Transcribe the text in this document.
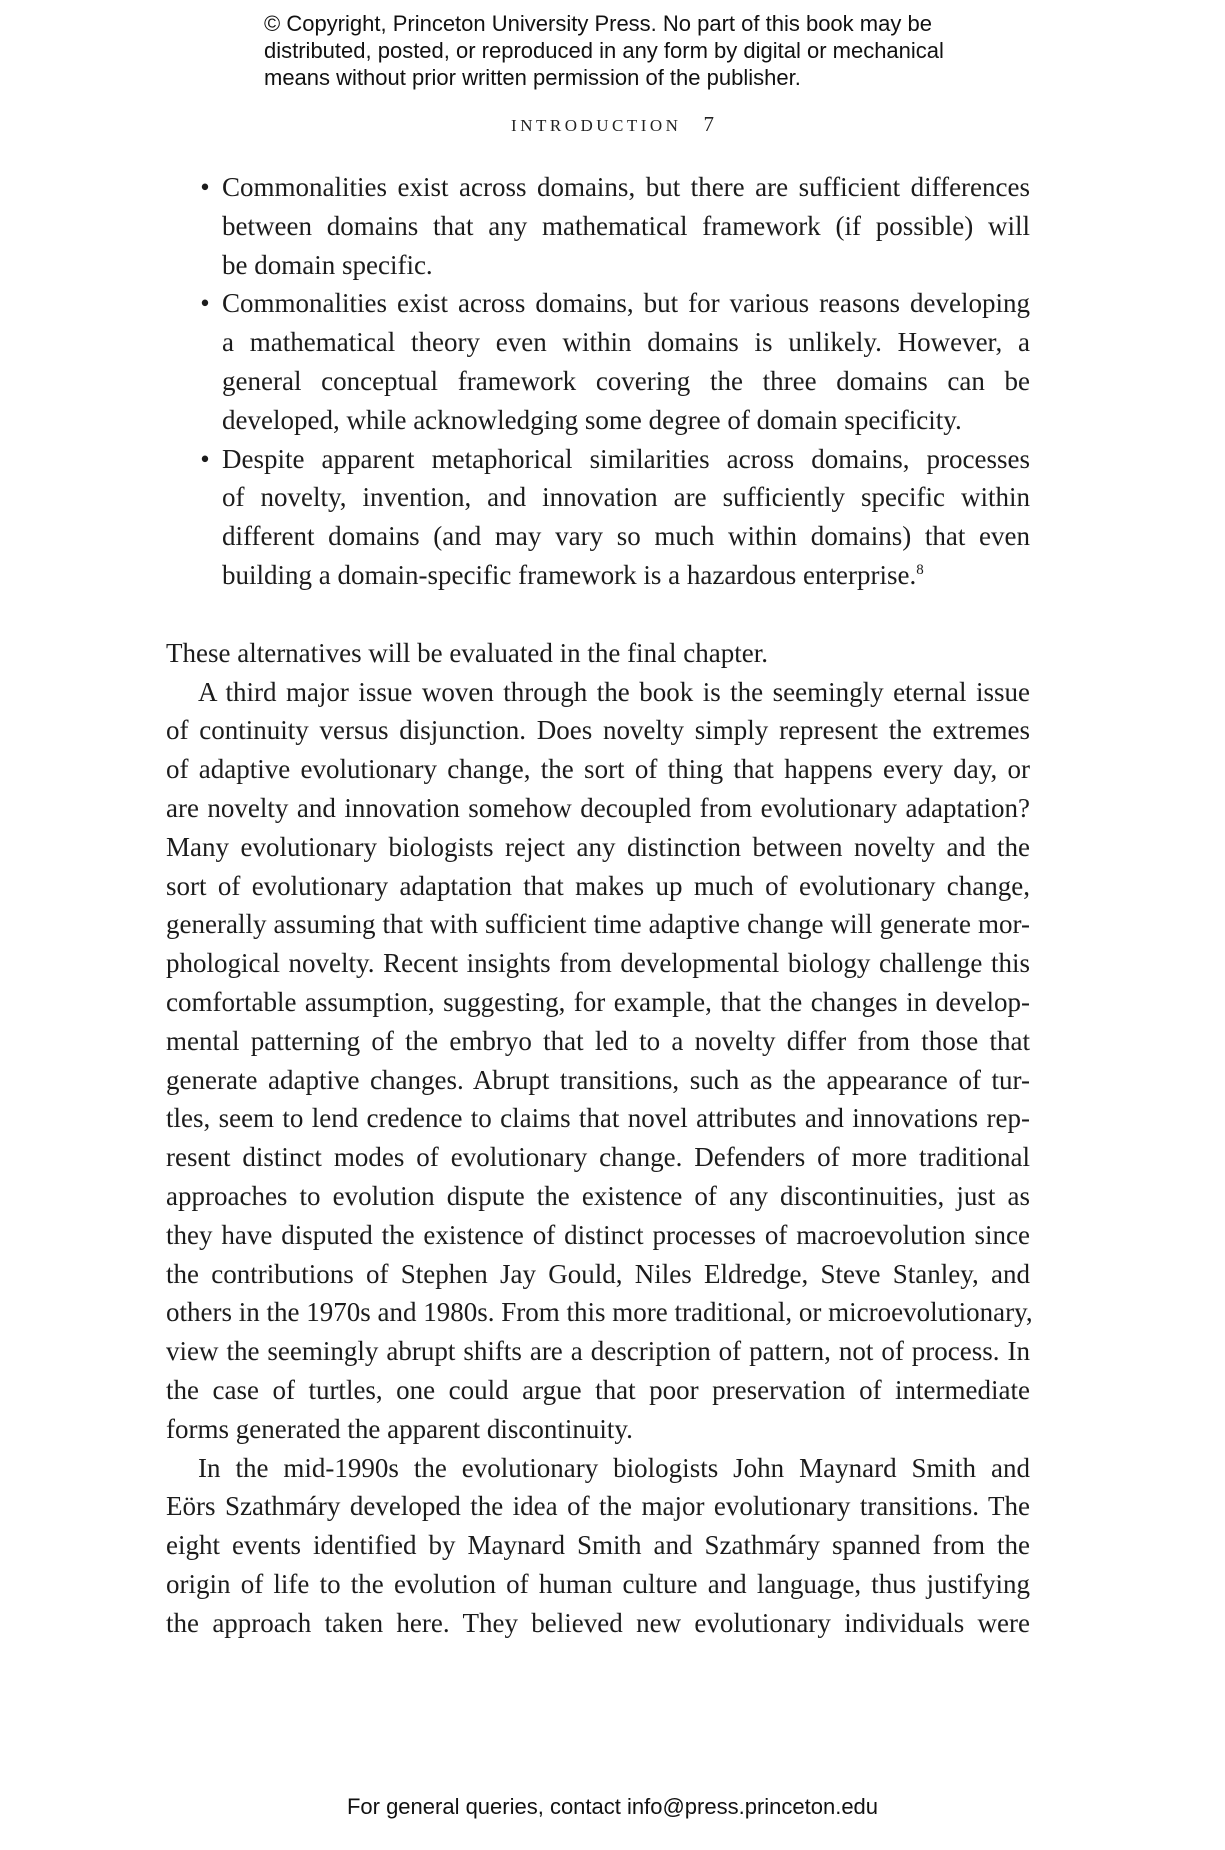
© Copyright, Princeton University Press. No part of this book may be
distributed, posted, or reproduced in any form by digital or mechanical
means without prior written permission of the publisher.
INTRODUCTION 7
• Commonalities exist across domains, but there are sufficient differences
between domains that any mathematical framework (if possible) will
be domain specific.
• Commonalities exist across domains, but for various reasons developing
a mathematical theory even within domains is unlikely. However, a
general conceptual framework covering the three domains can be
developed, while acknowledging some degree of domain specificity.
• Despite apparent metaphorical similarities across domains, processes
of novelty, invention, and innovation are sufficiently specific within
different domains (and may vary so much within domains) that even
building a domain-specific framework is a hazardous enterprise.$^8$
These alternatives will be evaluated in the final chapter.
A third major issue woven through the book is the seemingly eternal issue
of continuity versus disjunction. Does novelty simply represent the extremes
of adaptive evolutionary change, the sort of thing that happens every day, or
are novelty and innovation somehow decoupled from evolutionary adaptation?
Many evolutionary biologists reject any distinction between novelty and the
sort of evolutionary adaptation that makes up much of evolutionary change,
generally assuming that with sufficient time adaptive change will generate mor-
phological novelty. Recent insights from developmental biology challenge this
comfortable assumption, suggesting, for example, that the changes in develop-
mental patterning of the embryo that led to a novelty differ from those that
generate adaptive changes. Abrupt transitions, such as the appearance of tur-
tles, seem to lend credence to claims that novel attributes and innovations rep-
resent distinct modes of evolutionary change. Defenders of more traditional
approaches to evolution dispute the existence of any discontinuities, just as
they have disputed the existence of distinct processes of macroevolution since
the contributions of Stephen Jay Gould, Niles Eldredge, Steve Stanley, and
others in the 1970s and 1980s. From this more traditional, or microevolutionary,
view the seemingly abrupt shifts are a description of pattern, not of process. In
the case of turtles, one could argue that poor preservation of intermediate
forms generated the apparent discontinuity.
In the mid-1990s the evolutionary biologists John Maynard Smith and
Eörs Szathmáry developed the idea of the major evolutionary transitions. The
eight events identified by Maynard Smith and Szathmáry spanned from the
origin of life to the evolution of human culture and language, thus justifying
the approach taken here. They believed new evolutionary individuals were
For general queries, contact info@press.princeton.edu
